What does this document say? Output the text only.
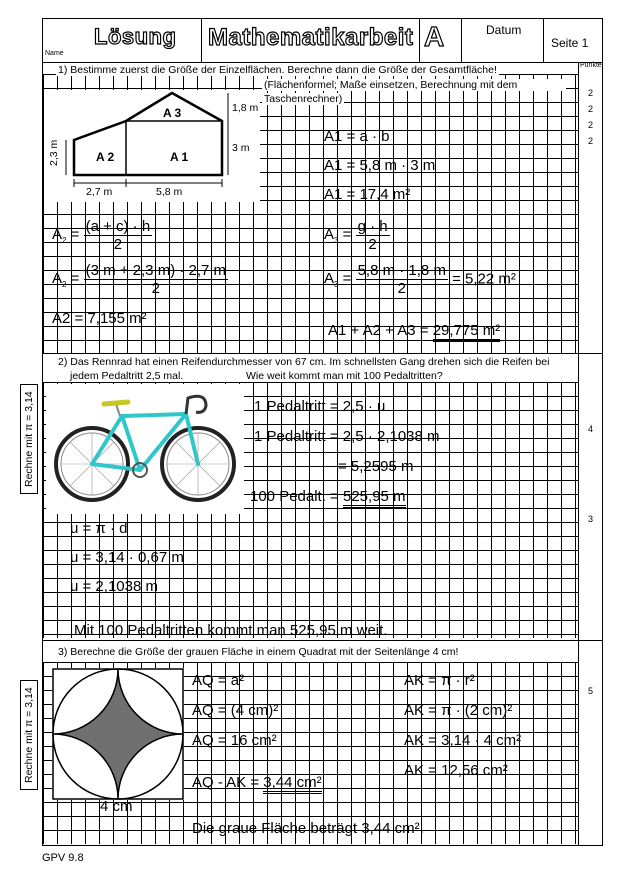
Lösung
Name
Mathematikarbeit A	Datum
Seite 1
Punkte
1) Bestimme zuerst die Größe der Einzelflächen. Berechne dann die Größe der Gesamtfläche!
(Flächenformel; Maße einsetzen, Berechnung mit dem
Taschenrechner)
A 3
A 2	A 1
1,8 m
3 m
2,3 m
2,7 m	5,8 m
A1 = a · b
A1 = 5,8 m · 3 m
A1 = 17,4 m²
$A_2 = \frac{(a + c) \cdot h}{2}$
$A_2 = \frac{(3 m + 2,3 m) \cdot 2,7 m}{2}$
A2 = 7,155 m²
$A_3 = \frac{g \cdot h}{2}$
$A_3 = \frac{5,8 m \cdot 1,8 m}{2} = 5,22$ m²
A1 + A2 + A3 = 29,775 m²
2
2
2
2
2) Das Rennrad hat einen Reifendurchmesser von 67 cm. Im schnellsten Gang drehen sich die Reifen bei
jedem Pedaltritt 2,5 mal.	Wie weit kommt man mit 100 Pedaltritten?
1 Pedaltritt = 2,5 · u
1 Pedaltritt = 2,5 · 2,1038 m
= 5,2595 m
100 Pedalt. = 525,95 m
u = π · d
u = 3,14 · 0,67 m
u = 2,1038 m
Mit 100 Pedaltritten kommt man 525,95 m weit.
Rechne mit π = 3,14	4
3
3) Berechne die Größe der grauen Fläche in einem Quadrat mit der Seitenlänge 4 cm!
4 cm
AQ = a²
AQ = (4 cm)²
AQ = 16 cm²
AQ - AK = 3,44 cm²
AK = π · r²
AK = π · (2 cm)²
AK = 3,14 · 4 cm²
AK = 12,56 cm²
Die graue Fläche beträgt 3,44 cm².
Rechne mit π = 3,14	5
GPV 9.8
